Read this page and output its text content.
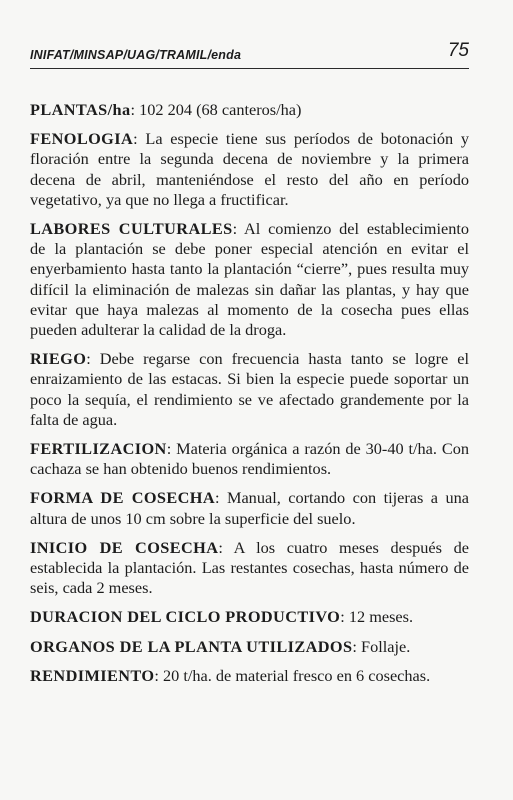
INIFAT/MINSAP/UAG/TRAMIL/enda	75

PLANTAS/ha: 102 204 (68 canteros/ha)

FENOLOGIA: La especie tiene sus períodos de botonación y floración entre la segunda decena de noviembre y la primera decena de abril, manteniéndose el resto del año en período vegetativo, ya que no llega a fructificar.

LABORES CULTURALES: Al comienzo del establecimiento de la plantación se debe poner especial atención en evitar el enyerbamiento hasta tanto la plantación “cierre”, pues resulta muy difícil la eliminación de malezas sin dañar las plantas, y hay que evitar que haya malezas al momento de la cosecha pues ellas pueden adulterar la calidad de la droga.

RIEGO: Debe regarse con frecuencia hasta tanto se logre el enraizamiento de las estacas. Si bien la especie puede soportar un poco la sequía, el rendimiento se ve afectado grandemente por la falta de agua.

FERTILIZACION: Materia orgánica a razón de 30-40 t/ha. Con cachaza se han obtenido buenos rendimientos.

FORMA DE COSECHA: Manual, cortando con tijeras a una altura de unos 10 cm sobre la superficie del suelo.

INICIO DE COSECHA: A los cuatro meses después de establecida la plantación. Las restantes cosechas, hasta número de seis, cada 2 meses.

DURACION DEL CICLO PRODUCTIVO: 12 meses.

ORGANOS DE LA PLANTA UTILIZADOS: Follaje.

RENDIMIENTO: 20 t/ha. de material fresco en 6 cosechas.
